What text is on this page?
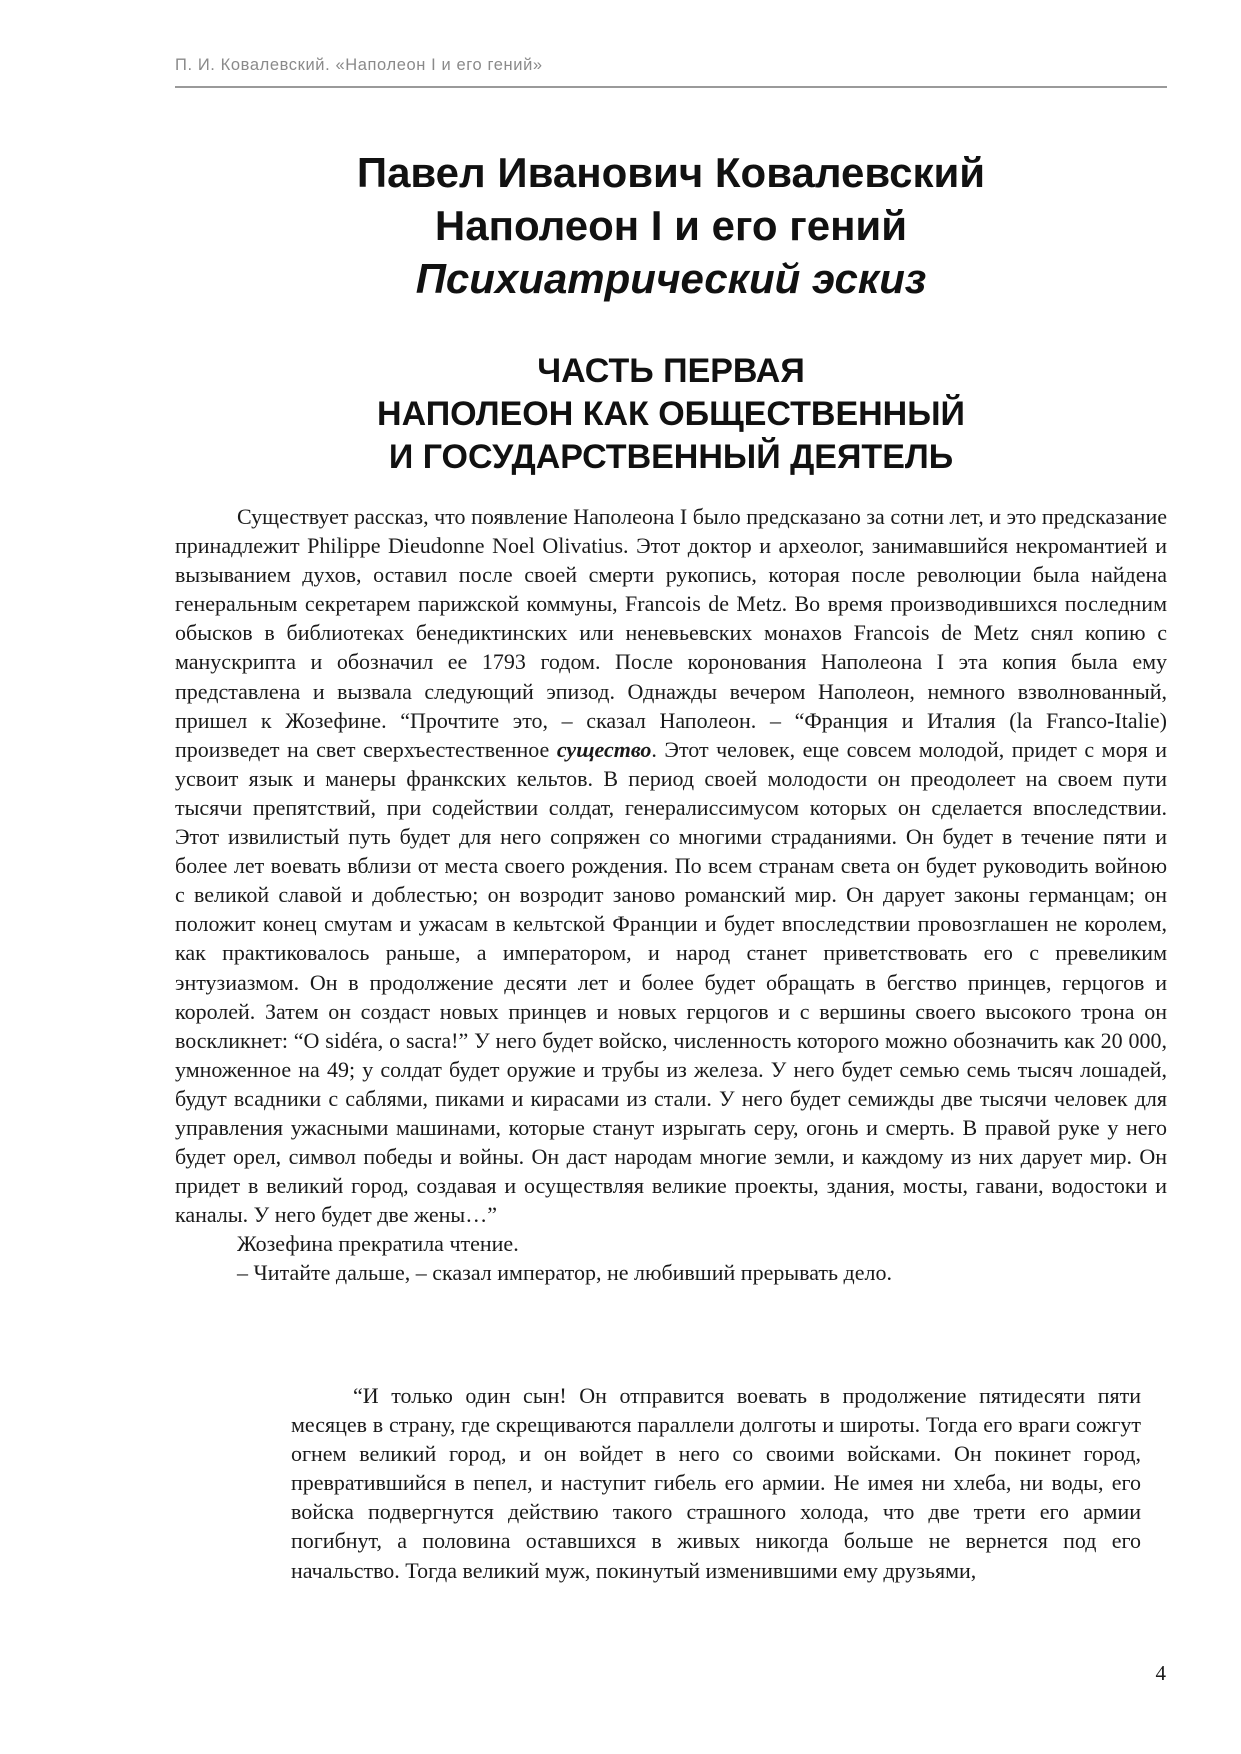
П. И. Ковалевский. «Наполеон I и его гений»
Павел Иванович Ковалевский
Наполеон I и его гений
Психиатрический эскиз
ЧАСТЬ ПЕРВАЯ
НАПОЛЕОН КАК ОБЩЕСТВЕННЫЙ
И ГОСУДАРСТВЕННЫЙ ДЕЯТЕЛЬ

Существует рассказ, что появление Наполеона I было предсказано за сотни лет, и это предсказание принадлежит Philippe Dieudonne Noel Olivatius. Этот доктор и археолог, занимавшийся некромантией и вызыванием духов, оставил после своей смерти рукопись, которая после революции была найдена генеральным секретарем парижской коммуны, Francois de Metz. Во время производившихся последним обысков в библиотеках бенедиктинских или неневьевских монахов Francois de Metz снял копию с манускрипта и обозначил ее 1793 годом. После коронования Наполеона I эта копия была ему представлена и вызвала следующий эпизод. Однажды вечером Наполеон, немного взволнованный, пришел к Жозефине. “Прочтите это, – сказал Наполеон. – “Франция и Италия (la Franco-Italie) произведет на свет сверхъестественное существо. Этот человек, еще совсем молодой, придет с моря и усвоит язык и манеры франкских кельтов. В период своей молодости он преодолеет на своем пути тысячи препятствий, при содействии солдат, генералиссимусом которых он сделается впоследствии. Этот извилистый путь будет для него сопряжен со многими страданиями. Он будет в течение пяти и более лет воевать вблизи от места своего рождения. По всем странам света он будет руководить войною с великой славой и доблестью; он возродит заново романский мир. Он дарует законы германцам; он положит конец смутам и ужасам в кельтской Франции и будет впоследствии провозглашен не королем, как практиковалось раньше, а императором, и народ станет приветствовать его с превеликим энтузиазмом. Он в продолжение десяти лет и более будет обращать в бегство принцев, герцогов и королей. Затем он создаст новых принцев и новых герцогов и с вершины своего высокого трона он воскликнет: “O sidéra, o sacra!” У него будет войско, численность которого можно обозначить как 20 000, умноженное на 49; у солдат будет оружие и трубы из железа. У него будет семью семь тысяч лошадей, будут всадники с саблями, пиками и кирасами из стали. У него будет семижды две тысячи человек для управления ужасными машинами, которые станут изрыгать серу, огонь и смерть. В правой руке у него будет орел, символ победы и войны. Он даст народам многие земли, и каждому из них дарует мир. Он придет в великий город, создавая и осуществляя великие проекты, здания, мосты, гавани, водостоки и каналы. У него будет две жены…”

Жозефина прекратила чтение.

– Читайте дальше, – сказал император, не любивший прерывать дело.

“И только один сын! Он отправится воевать в продолжение пятидесяти пяти месяцев в страну, где скрещиваются параллели долготы и широты. Тогда его враги сожгут огнем великий город, и он войдет в него со своими войсками. Он покинет город, превратившийся в пепел, и наступит гибель его армии. Не имея ни хлеба, ни воды, его войска подвергнутся действию такого страшного холода, что две трети его армии погибнут, а половина оставшихся в живых никогда больше не вернется под его начальство. Тогда великий муж, покинутый изменившими ему друзьями,

4
